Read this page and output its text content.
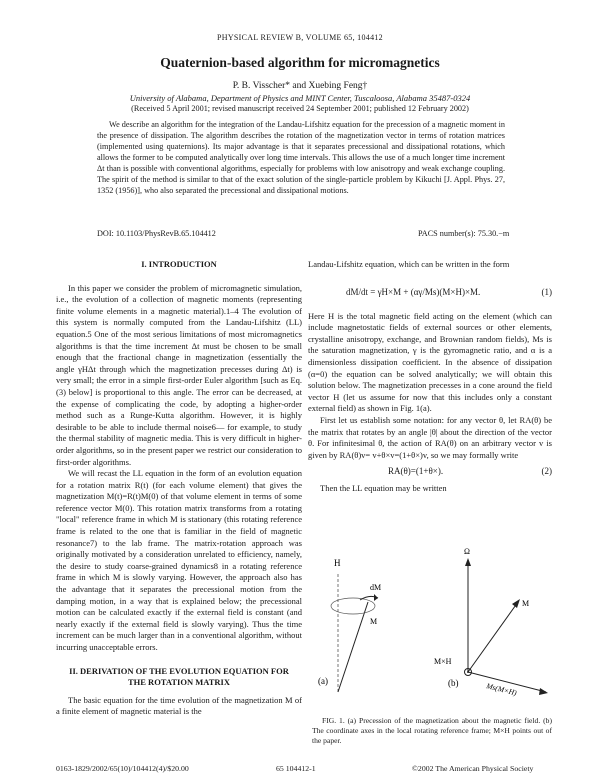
PHYSICAL REVIEW B, VOLUME 65, 104412
Quaternion-based algorithm for micromagnetics
P. B. Visscher* and Xuebing Feng†
University of Alabama, Department of Physics and MINT Center, Tuscaloosa, Alabama 35487-0324
(Received 5 April 2001; revised manuscript received 24 September 2001; published 12 February 2002)
We describe an algorithm for the integration of the Landau-Lifshitz equation for the precession of a magnetic moment in the presence of dissipation. The algorithm describes the rotation of the magnetization vector in terms of rotation matrices (implemented using quaternions). Its major advantage is that it separates precessional and dissipational rotations, which allows the former to be computed analytically over long time intervals. This allows the use of a much longer time increment Δt than is possible with conventional algorithms, especially for problems with low anisotropy and weak exchange coupling. The spirit of the method is similar to that of the exact solution of the single-particle problem by Kikuchi [J. Appl. Phys. 27, 1352 (1956)], who also separated the precessional and dissipational motions.
DOI: 10.1103/PhysRevB.65.104412	PACS number(s): 75.30.−m
I. INTRODUCTION

In this paper we consider the problem of micromagnetic simulation, i.e., the evolution of a collection of magnetic moments (representing finite volume elements in a magnetic material).1–4 The evolution of this system is normally computed from the Landau-Lifshitz (LL) equation.5 One of the most serious limitations of most micromagnetics algorithms is that the time increment Δt must be chosen to be small enough that the fractional change in magnetization (essentially the angle γHΔt through which the magnetization precesses during Δt) is very small; the error in a simple first-order Euler algorithm [such as Eq. (3) below] is proportional to this angle. The error can be decreased, at the expense of complicating the code, by adopting a higher-order method such as a Runge-Kutta algorithm. However, it is highly desirable to be able to include thermal noise6— for example, to study the thermal stability of magnetic media. This is very difficult in higher-order algorithms, so in the present paper we restrict our consideration to first-order algorithms.

We will recast the LL equation in the form of an evolution equation for a rotation matrix R(t) (for each volume element) that gives the magnetization M(t)=R(t)M(0) of that volume element in terms of some reference vector M(0). This rotation matrix transforms from a rotating "local" reference frame in which M is stationary (this rotating reference frame is related to the one that is familiar in the field of magnetic resonance7) to the lab frame. The matrix-rotation approach was originally motivated by a consideration unrelated to efficiency, namely, the desire to study coarse-grained dynamics8 in a rotating reference frame in which M is slowly varying. However, the approach also has the advantage that it separates the precessional motion from the damping motion, in a way that is explained below; the precessional motion can be calculated exactly if the external field is constant (and nearly exactly if the external field is slowly varying). Thus the time increment can be much larger than in a conventional algorithm, without incurring unacceptable errors.

II. DERIVATION OF THE EVOLUTION EQUATION FOR
THE ROTATION MATRIX

The basic equation for the time evolution of the magnetization M of a finite element of magnetic material is the

Landau-Lifshitz equation, which can be written in the form
dM/dt = γH×M + (αγ/Ms)(M×H)×M.	(1)

Here H is the total magnetic field acting on the element (which can include magnetostatic fields of external sources or other elements, crystalline anisotropy, exchange, and Brownian random fields), Ms is the saturation magnetization, γ is the gyromagnetic ratio, and α is a dimensionless dissipation coefficient. In the absence of dissipation (α=0) the equation can be solved analytically; we will obtain this solution below. The magnetization precesses in a cone around the field vector H (let us assume for now that this includes only a constant external field) as shown in Fig. 1(a).

First let us establish some notation: for any vector θ, let RA(θ) be the matrix that rotates by an angle |θ| about the direction of the vector θ. For infinitesimal θ, the action of RA(θ) on an arbitrary vector v is given by RA(θ)v= v+θ×v=(1+θ×)v, so we may formally write

RA(θ)=(1+θ×).	(2)

Then the LL equation may be written

H
dM
M
(a)
Ω
M
M×H
Ms(M×H)
(b)
FIG. 1. (a) Precession of the magnetization about the magnetic field. (b) The coordinate axes in the local rotating reference frame; M×H points out of the paper.
0163-1829/2002/65(10)/104412(4)/$20.00	65 104412-1	©2002 The American Physical Society
